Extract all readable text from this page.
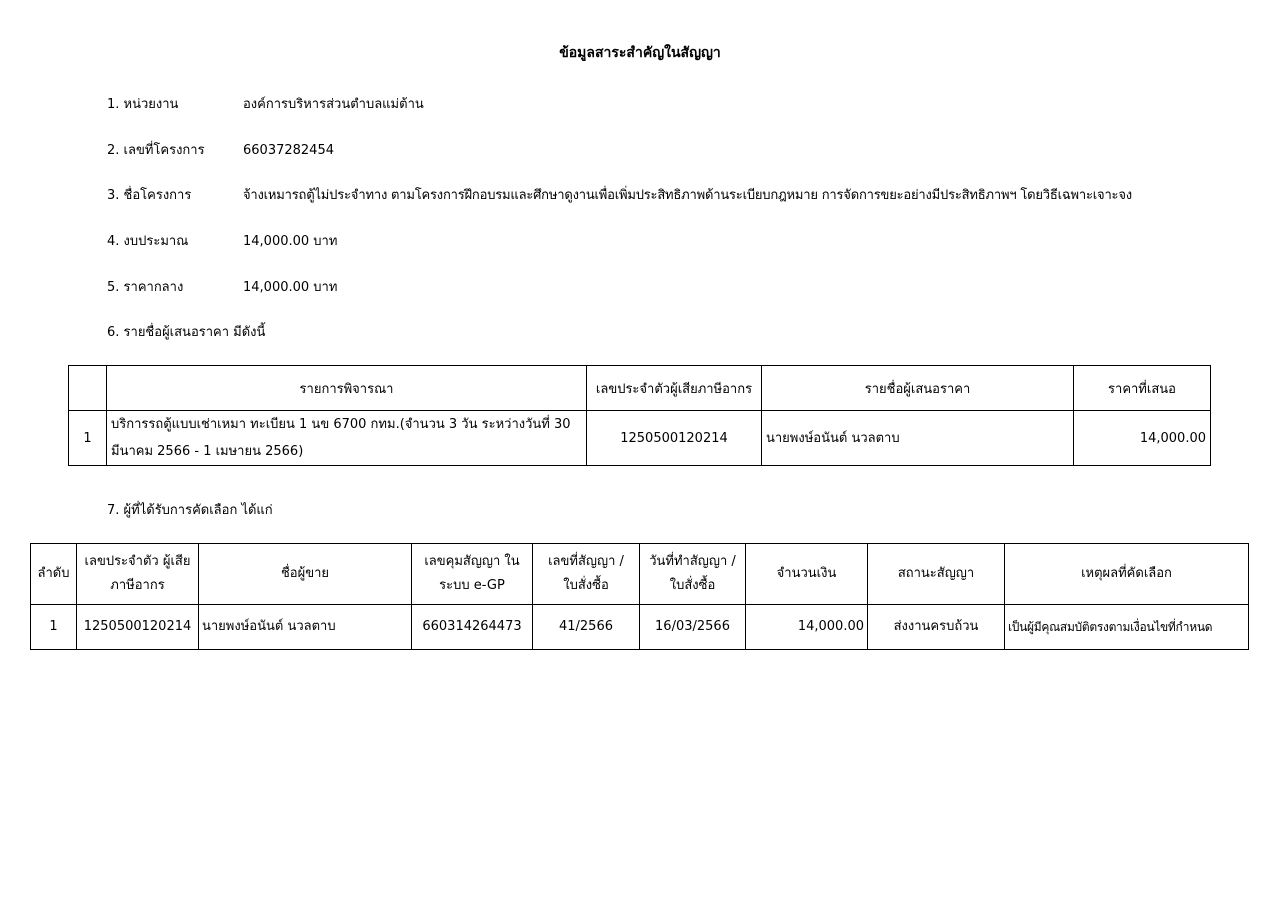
ข้อมูลสาระสำคัญในสัญญา
1. หน่วยงาน	องค์การบริหารส่วนตำบลแม่ต้าน
2. เลขที่โครงการ	66037282454
3. ชื่อโครงการ	จ้างเหมารถตู้ไม่ประจำทาง ตามโครงการฝึกอบรมและศึกษาดูงานเพื่อเพิ่มประสิทธิภาพด้านระเบียบกฎหมาย การจัดการขยะอย่างมีประสิทธิภาพฯ โดยวิธีเฉพาะเจาะจง
4. งบประมาณ	14,000.00 บาท
5. ราคากลาง	14,000.00 บาท
6. รายชื่อผู้เสนอราคา มีดังนี้
	รายการพิจารณา	เลขประจำตัวผู้เสียภาษีอากร	รายชื่อผู้เสนอราคา	ราคาที่เสนอ
1	บริการรถตู้แบบเช่าเหมา ทะเบียน 1 นข 6700 กทม.(จำนวน 3 วัน ระหว่างวันที่ 30 มีนาคม 2566 - 1 เมษายน 2566)	1250500120214	นายพงษ์อนันต์ นวลตาบ	14,000.00
7. ผู้ที่ได้รับการคัดเลือก ได้แก่
ลำดับ	เลขประจำตัว ผู้เสียภาษีอากร	ชื่อผู้ขาย	เลขคุมสัญญา ในระบบ e-GP	เลขที่สัญญา / ใบสั่งซื้อ	วันที่ทำสัญญา / ใบสั่งซื้อ	จำนวนเงิน	สถานะสัญญา	เหตุผลที่คัดเลือก
1	1250500120214	นายพงษ์อนันต์ นวลตาบ	660314264473	41/2566	16/03/2566	14,000.00	ส่งงานครบถ้วน	เป็นผู้มีคุณสมบัติตรงตามเงื่อนไขที่กำหนด
